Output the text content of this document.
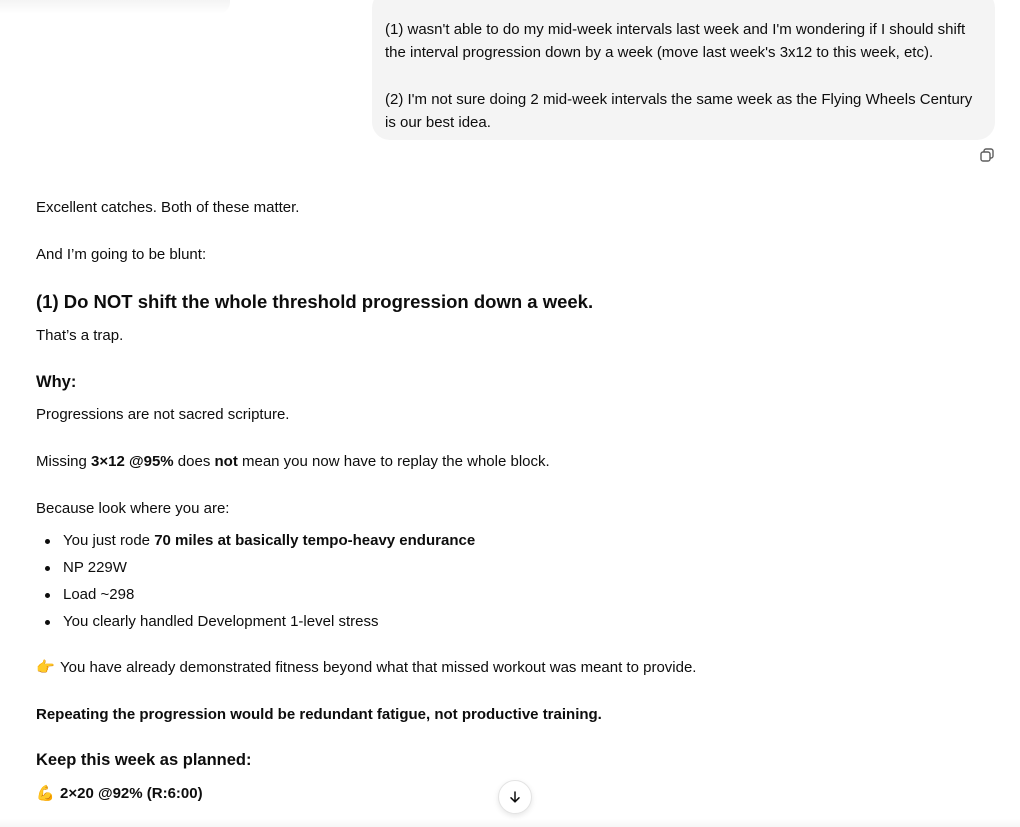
(1) wasn't able to do my mid-week intervals last week and I'm wondering if I should shift the interval progression down by a week (move last week's 3x12 to this week, etc).

(2) I'm not sure doing 2 mid-week intervals the same week as the Flying Wheels Century is our best idea.

Excellent catches. Both of these matter.
And I’m going to be blunt:
(1) Do NOT shift the whole threshold progression down a week.
That’s a trap.
Why:
Progressions are not sacred scripture.
Missing 3×12 @95% does not mean you now have to replay the whole block.
Because look where you are:
You just rode 70 miles at basically tempo-heavy endurance
NP 229W
Load ~298
You clearly handled Development 1-level stress
👉 You have already demonstrated fitness beyond what that missed workout was meant to provide.
Repeating the progression would be redundant fatigue, not productive training.
Keep this week as planned:
💪 2×20 @92% (R:6:00)
